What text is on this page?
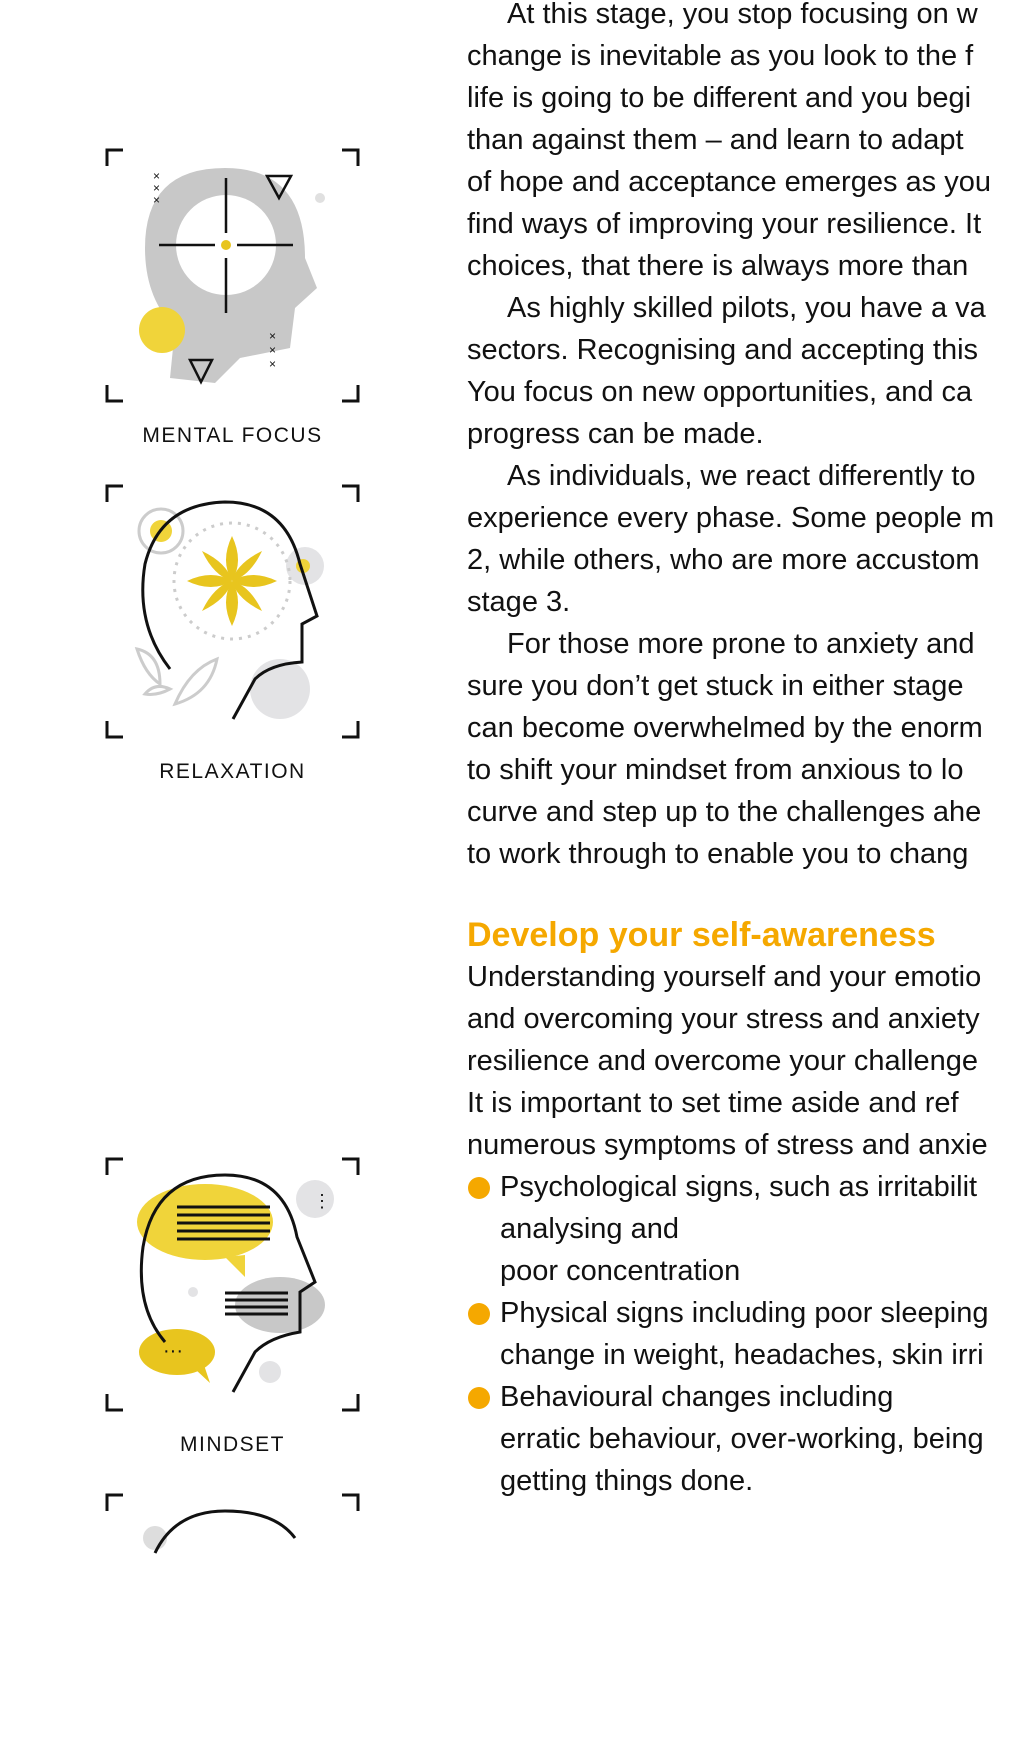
×
×
×
×
×
×
MENTAL FOCUS
RELAXATION
···
⋮
MINDSET
At this stage, you stop focusing on w
change is inevitable as you look to the f
life is going to be different and you begi
than against them – and learn to adapt
of hope and acceptance emerges as you
find ways of improving your resilience. It
choices, that there is always more than
As highly skilled pilots, you have a va
sectors. Recognising and accepting this
You focus on new opportunities, and ca
progress can be made.
As individuals, we react differently to
experience every phase. Some people m
2, while others, who are more accustom
stage 3.
For those more prone to anxiety and
sure you don’t get stuck in either stage
can become overwhelmed by the enorm
to shift your mindset from anxious to lo
curve and step up to the challenges ahe
to work through to enable you to chang
Develop your self-awareness
Understanding yourself and your emotio
and overcoming your stress and anxiety
resilience and overcome your challenge
It is important to set time aside and ref
numerous symptoms of stress and anxie
Psychological signs, such as irritabilit
analysing and
poor concentration
Physical signs including poor sleeping
change in weight, headaches, skin irri
Behavioural changes including
erratic behaviour, over-working, being
getting things done.
